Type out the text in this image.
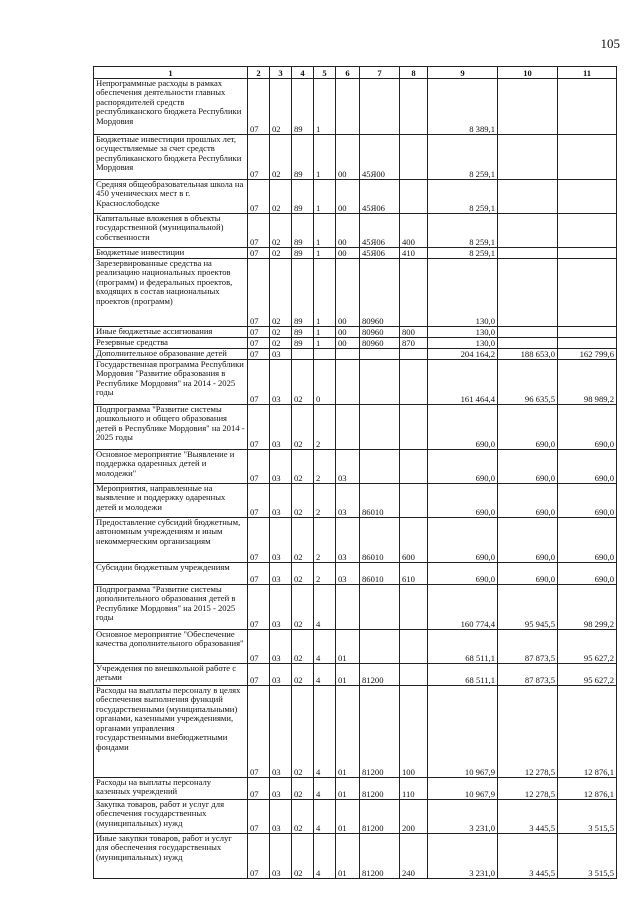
105
1	2	3	4	5	6	7	8	9	10	11
Непрограммные расходы в рамках обеспечения деятельности главных распорядителей средств республиканского бюджета Республики Мордовия	07	02	89	1				8 389,1		
Бюджетные инвестиции прошлых лет, осуществляемые за счет средств республиканского бюджета Республики Мордовия	07	02	89	1	00	45Я00		8 259,1		
Средняя общеобразовательная школа на 450 ученических мест в г. Краснослободске	07	02	89	1	00	45Я06		8 259,1		
Капитальные вложения в объекты государственной (муниципальной) собственности	07	02	89	1	00	45Я06	400	8 259,1		
Бюджетные инвестиции	07	02	89	1	00	45Я06	410	8 259,1		
Зарезервированные средства на реализацию национальных проектов (программ) и федеральных проектов, входящих в состав национальных проектов (программ)	07	02	89	1	00	80960		130,0		
Иные бюджетные ассигнования	07	02	89	1	00	80960	800	130,0		
Резервные средства	07	02	89	1	00	80960	870	130,0		
Дополнительное образование детей	07	03						204 164,2	188 653,0	162 799,6
Государственная программа Республики Мордовия "Развитие образования в Республике Мордовия" на 2014 - 2025 годы	07	03	02	0				161 464,4	96 635,5	98 989,2
Подпрограмма "Развитие системы дошкольного и общего образования детей в Республике Мордовия" на 2014 - 2025 годы	07	03	02	2				690,0	690,0	690,0
Основное мероприятие "Выявление и поддержка одаренных детей и молодежи"	07	03	02	2	03			690,0	690,0	690,0
Мероприятия, направленные на выявление и поддержку одаренных детей и молодежи	07	03	02	2	03	86010		690,0	690,0	690,0
Предоставление субсидий бюджетным, автономным учреждениям и иным некоммерческим организациям	07	03	02	2	03	86010	600	690,0	690,0	690,0
Субсидии бюджетным учреждениям	07	03	02	2	03	86010	610	690,0	690,0	690,0
Подпрограмма "Развитие системы дополнительного образования детей в Республике Мордовия" на 2015 - 2025 годы	07	03	02	4				160 774,4	95 945,5	98 299,2
Основное мероприятие "Обеспечение качества дополнительного образования"	07	03	02	4	01			68 511,1	87 873,5	95 627,2
Учреждения по внешкольной работе с детьми	07	03	02	4	01	81200		68 511,1	87 873,5	95 627,2
Расходы на выплаты персоналу в целях обеспечения выполнения функций государственными (муниципальными) органами, казенными учреждениями, органами управления государственными внебюджетными фондами	07	03	02	4	01	81200	100	10 967,9	12 278,5	12 876,1
Расходы на выплаты персоналу казенных учреждений	07	03	02	4	01	81200	110	10 967,9	12 278,5	12 876,1
Закупка товаров, работ и услуг для обеспечения государственных (муниципальных) нужд	07	03	02	4	01	81200	200	3 231,0	3 445,5	3 515,5
Иные закупки товаров, работ и услуг для обеспечения государственных (муниципальных) нужд	07	03	02	4	01	81200	240	3 231,0	3 445,5	3 515,5
